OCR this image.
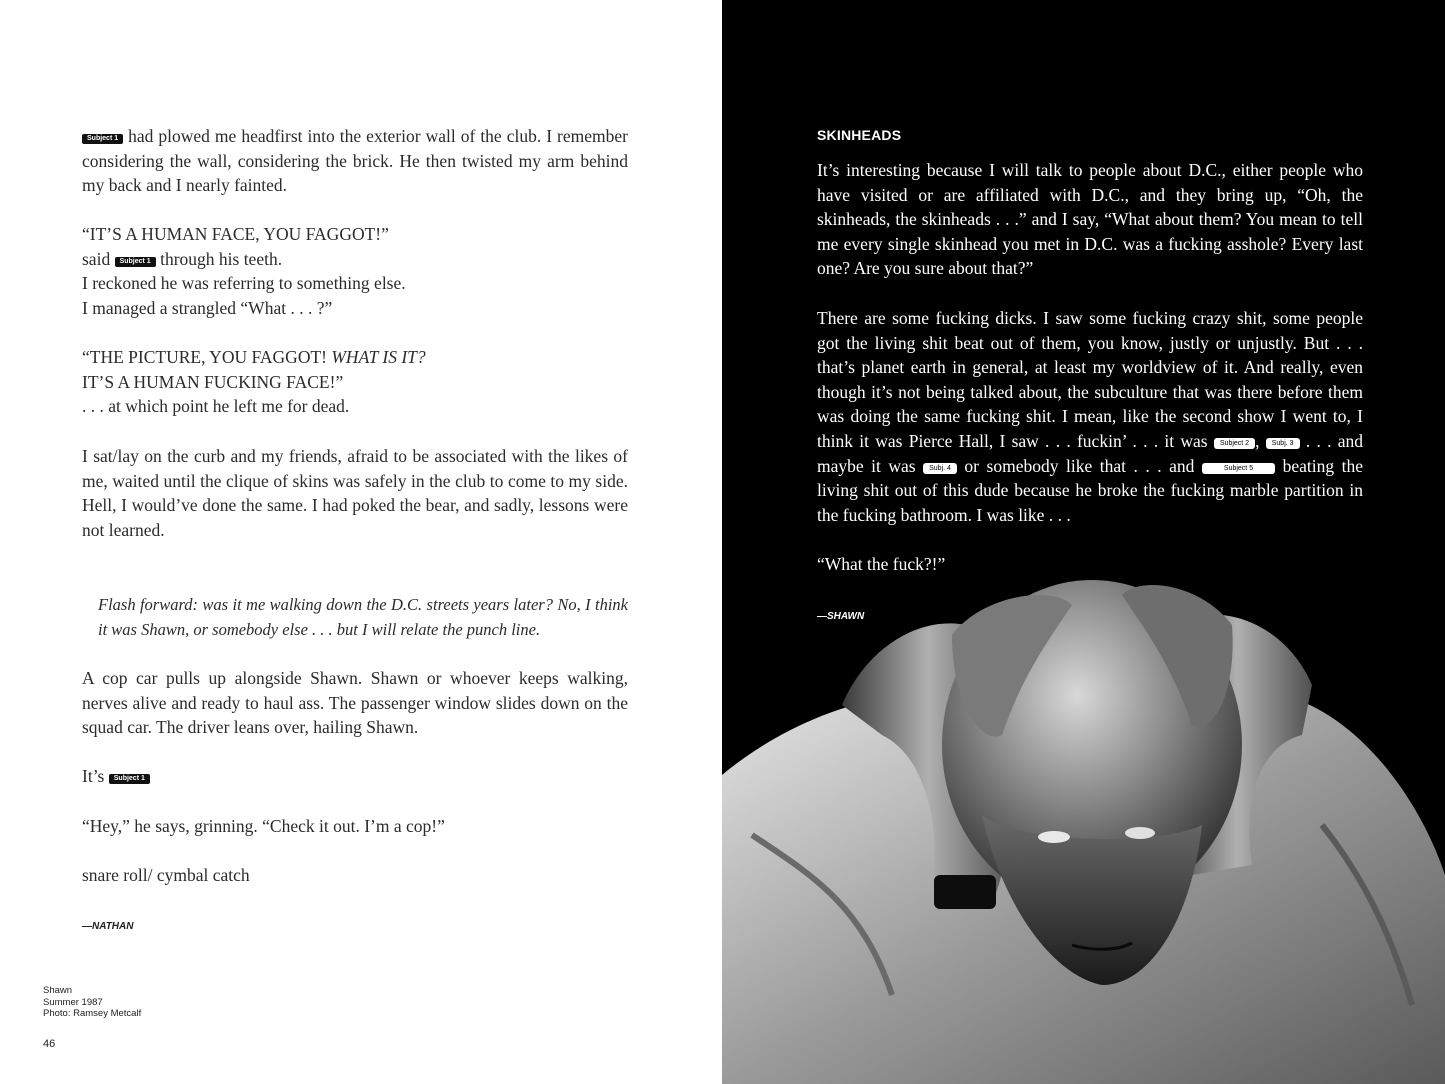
Subject 1 had plowed me headfirst into the exterior wall of the club. I remember considering the wall, considering the brick. He then twisted my arm behind my back and I nearly fainted.

“IT’S A HUMAN FACE, YOU FAGGOT!”
said Subject 1 through his teeth.
I reckoned he was referring to something else.
I managed a strangled “What . . . ?”
“THE PICTURE, YOU FAGGOT! WHAT IS IT?
IT’S A HUMAN FUCKING FACE!”
. . . at which point he left me for dead.

I sat/lay on the curb and my friends, afraid to be associated with the likes of me, waited until the clique of skins was safely in the club to come to my side. Hell, I would’ve done the same. I had poked the bear, and sadly, lessons were not learned.

Flash forward: was it me walking down the D.C. streets years later? No, I think it was Shawn, or somebody else . . . but I will relate the punch line.

A cop car pulls up alongside Shawn. Shawn or whoever keeps walking, nerves alive and ready to haul ass. The passenger window slides down on the squad car. The driver leans over, hailing Shawn.

It’s Subject 1

“Hey,” he says, grinning. “Check it out. I’m a cop!”

snare roll/ cymbal catch

—NATHAN
Shawn
Summer 1987
Photo: Ramsey Metcalf
46
SKINHEADS

It’s interesting because I will talk to people about D.C., either people who have visited or are affiliated with D.C., and they bring up, “Oh, the skinheads, the skinheads . . .” and I say, “What about them? You mean to tell me every single skinhead you met in D.C. was a fucking asshole? Every last one? Are you sure about that?”

There are some fucking dicks. I saw some fucking crazy shit, some people got the living shit beat out of them, you know, justly or unjustly. But . . . that’s planet earth in general, at least my worldview of it. And really, even though it’s not being talked about, the subculture that was there before them was doing the same fucking shit. I mean, like the second show I went to, I think it was Pierce Hall, I saw . . . fuckin’ . . . it was Subject 2 , Subj. 3 . . . and maybe it was Subj. 4 or somebody like that . . . and	Subject 5 beating the living shit out of this dude because he broke the fucking marble partition in the fucking bathroom. I was like . . .

“What the fuck?!”

—SHAWN
